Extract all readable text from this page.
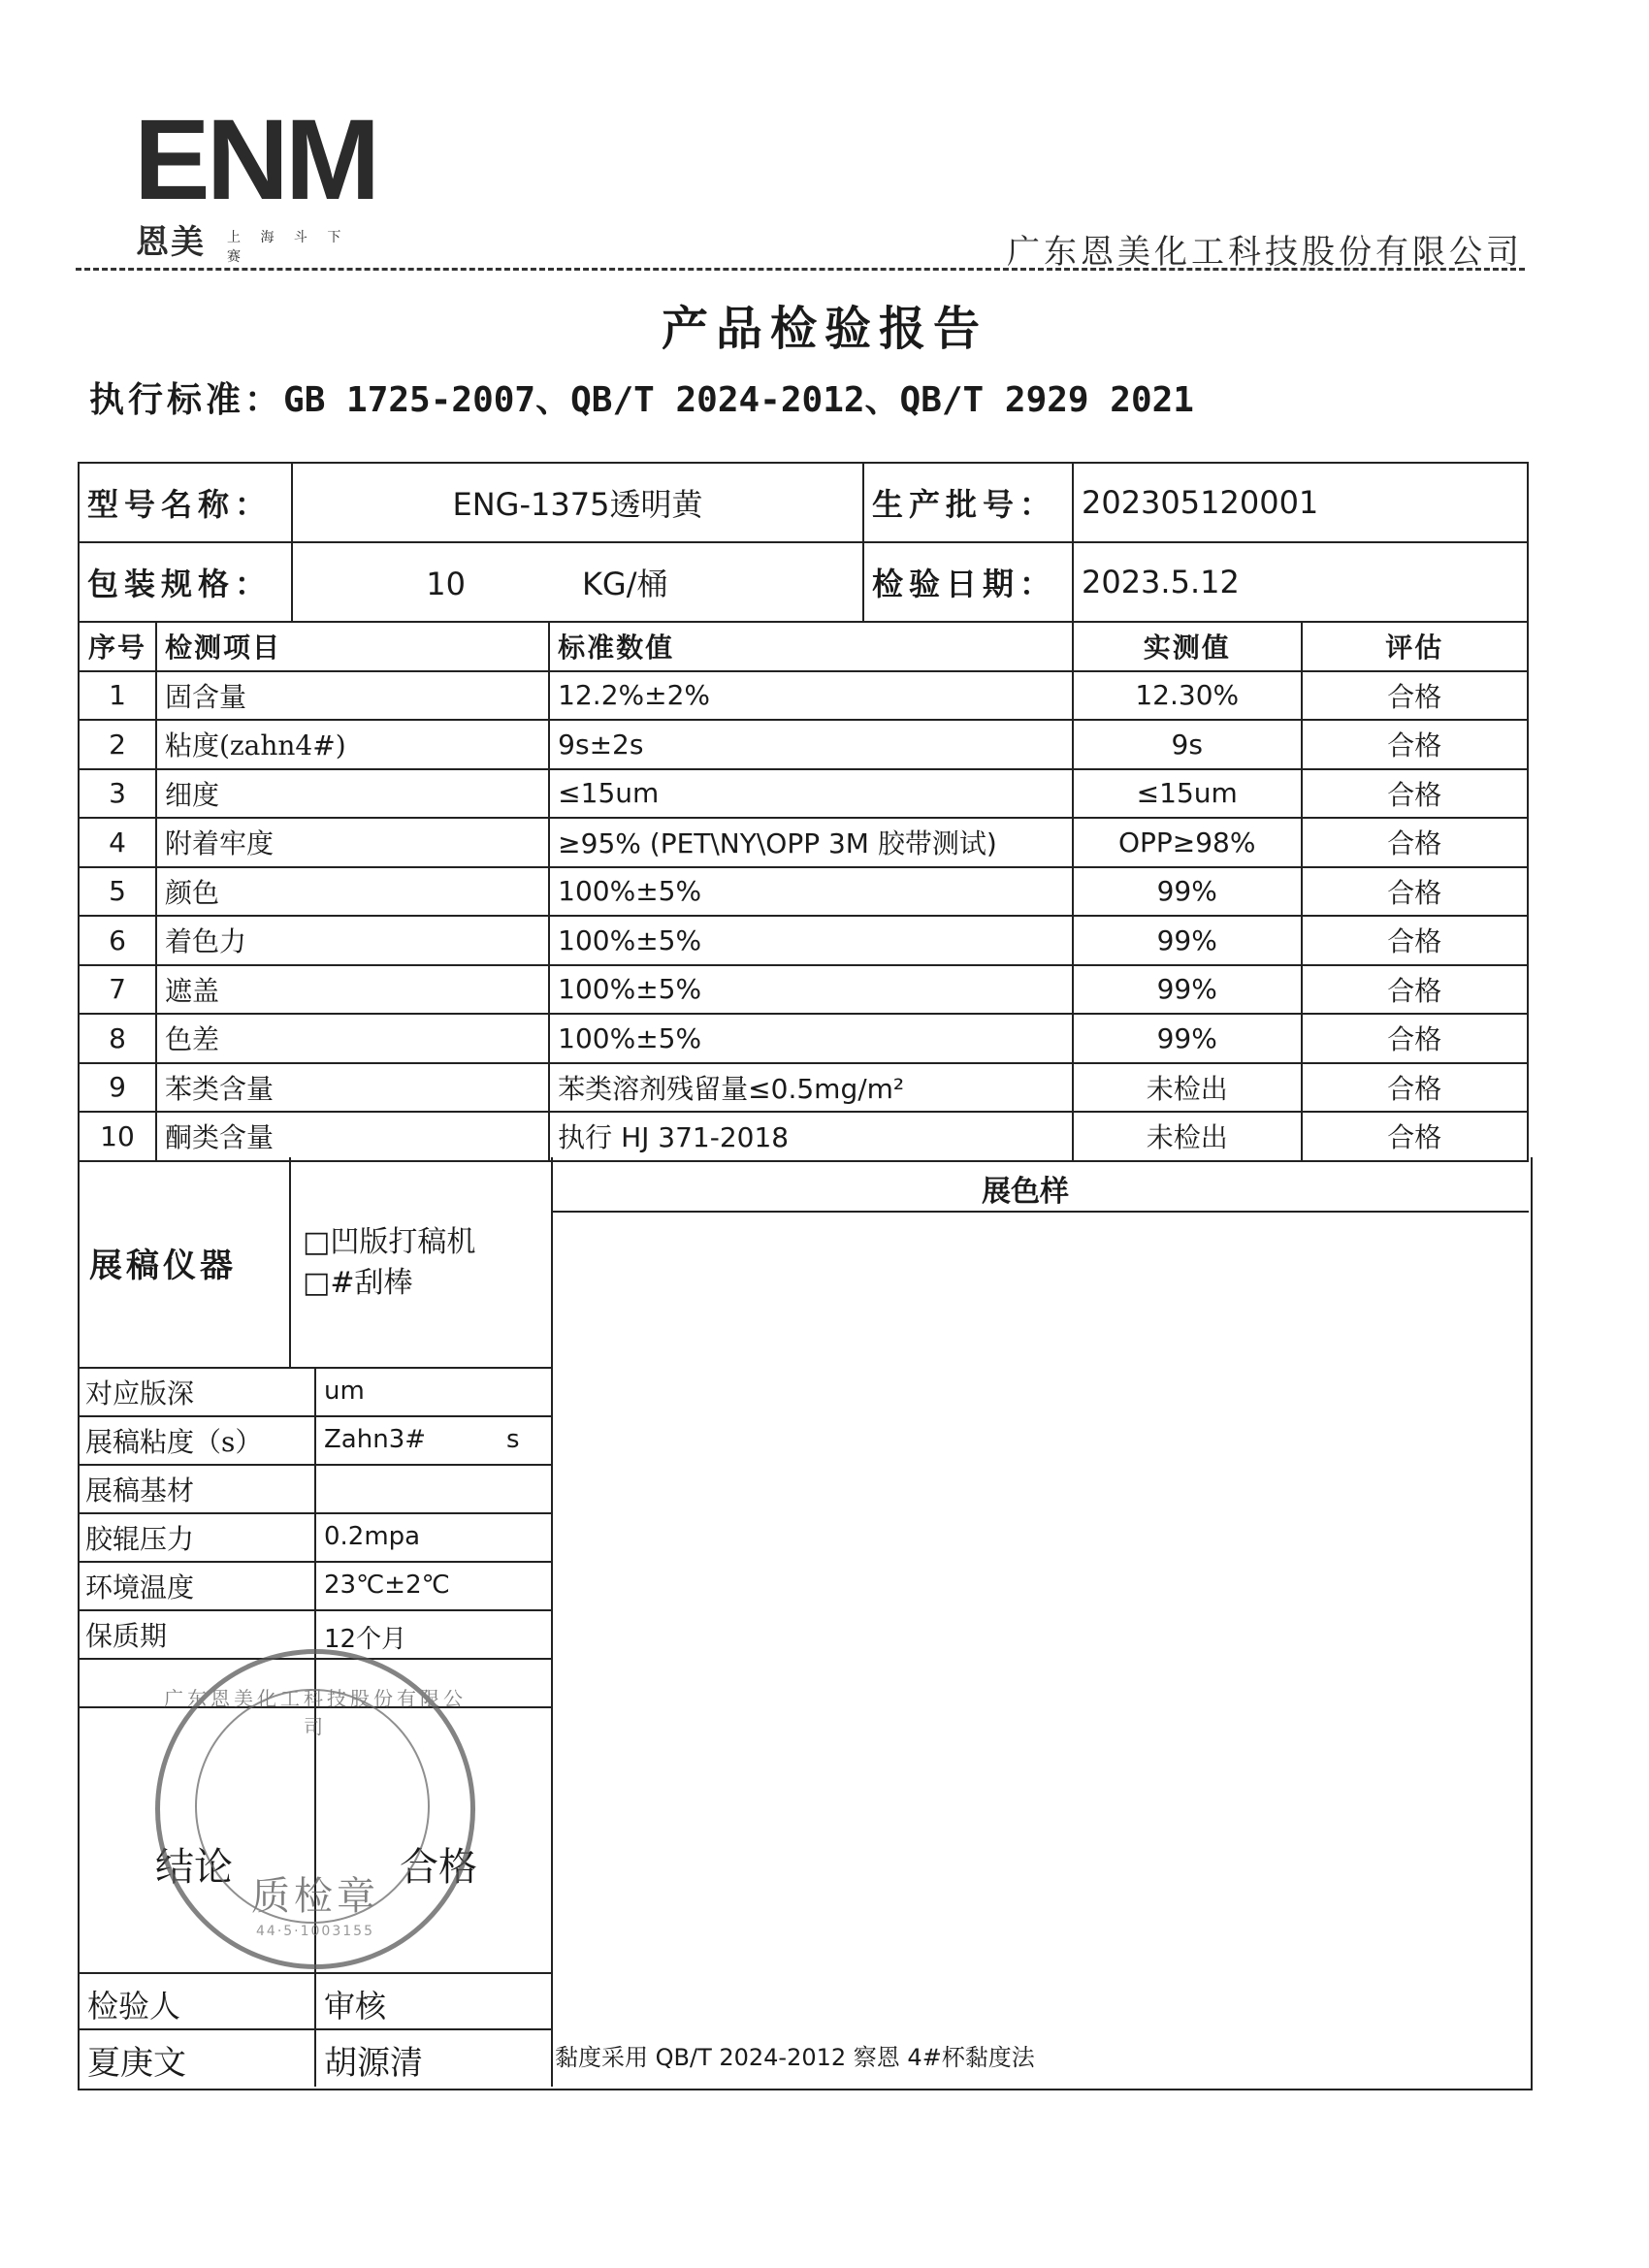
ENM
恩美 上 海 斗 下 赛	广东恩美化工科技股份有限公司
产品检验报告
执行标准：GB 1725-2007、QB/T 2024-2012、QB/T 2929 2021
型号名称：	ENG-1375透明黄	生产批号：	202305120001
包装规格：	10 KG/桶	检验日期：	2023.5.12
序号	检测项目	标准数值	实测值	评估
1	固含量	12.2%±2%	12.30%	合格
2	粘度(zahn4#)	9s±2s	9s	合格
3	细度	≤15um	≤15um	合格
4	附着牢度	≥95% (PET\NY\OPP 3M 胶带测试)	OPP≥98%	合格
5	颜色	100%±5%	99%	合格
6	着色力	100%±5%	99%	合格
7	遮盖	100%±5%	99%	合格
8	色差	100%±5%	99%	合格
9	苯类含量	苯类溶剂残留量≤0.5mg/m²	未检出	合格
10	酮类含量	执行 HJ 371-2018	未检出	合格
展稿仪器
□凹版打稿机
□#刮棒
展色样
对应版深	um
展稿粘度（s） Zahn3#	s
展稿基材
胶辊压力	0.2mpa
环境温度	23℃±2℃
保质期	12个月
结论	合格
检验人	审核
夏庚文	胡源清	黏度采用 QB/T 2024-2012 察恩 4#杯黏度法
广东恩美化工科技股份有限公司
质检章
44·5·1003155
